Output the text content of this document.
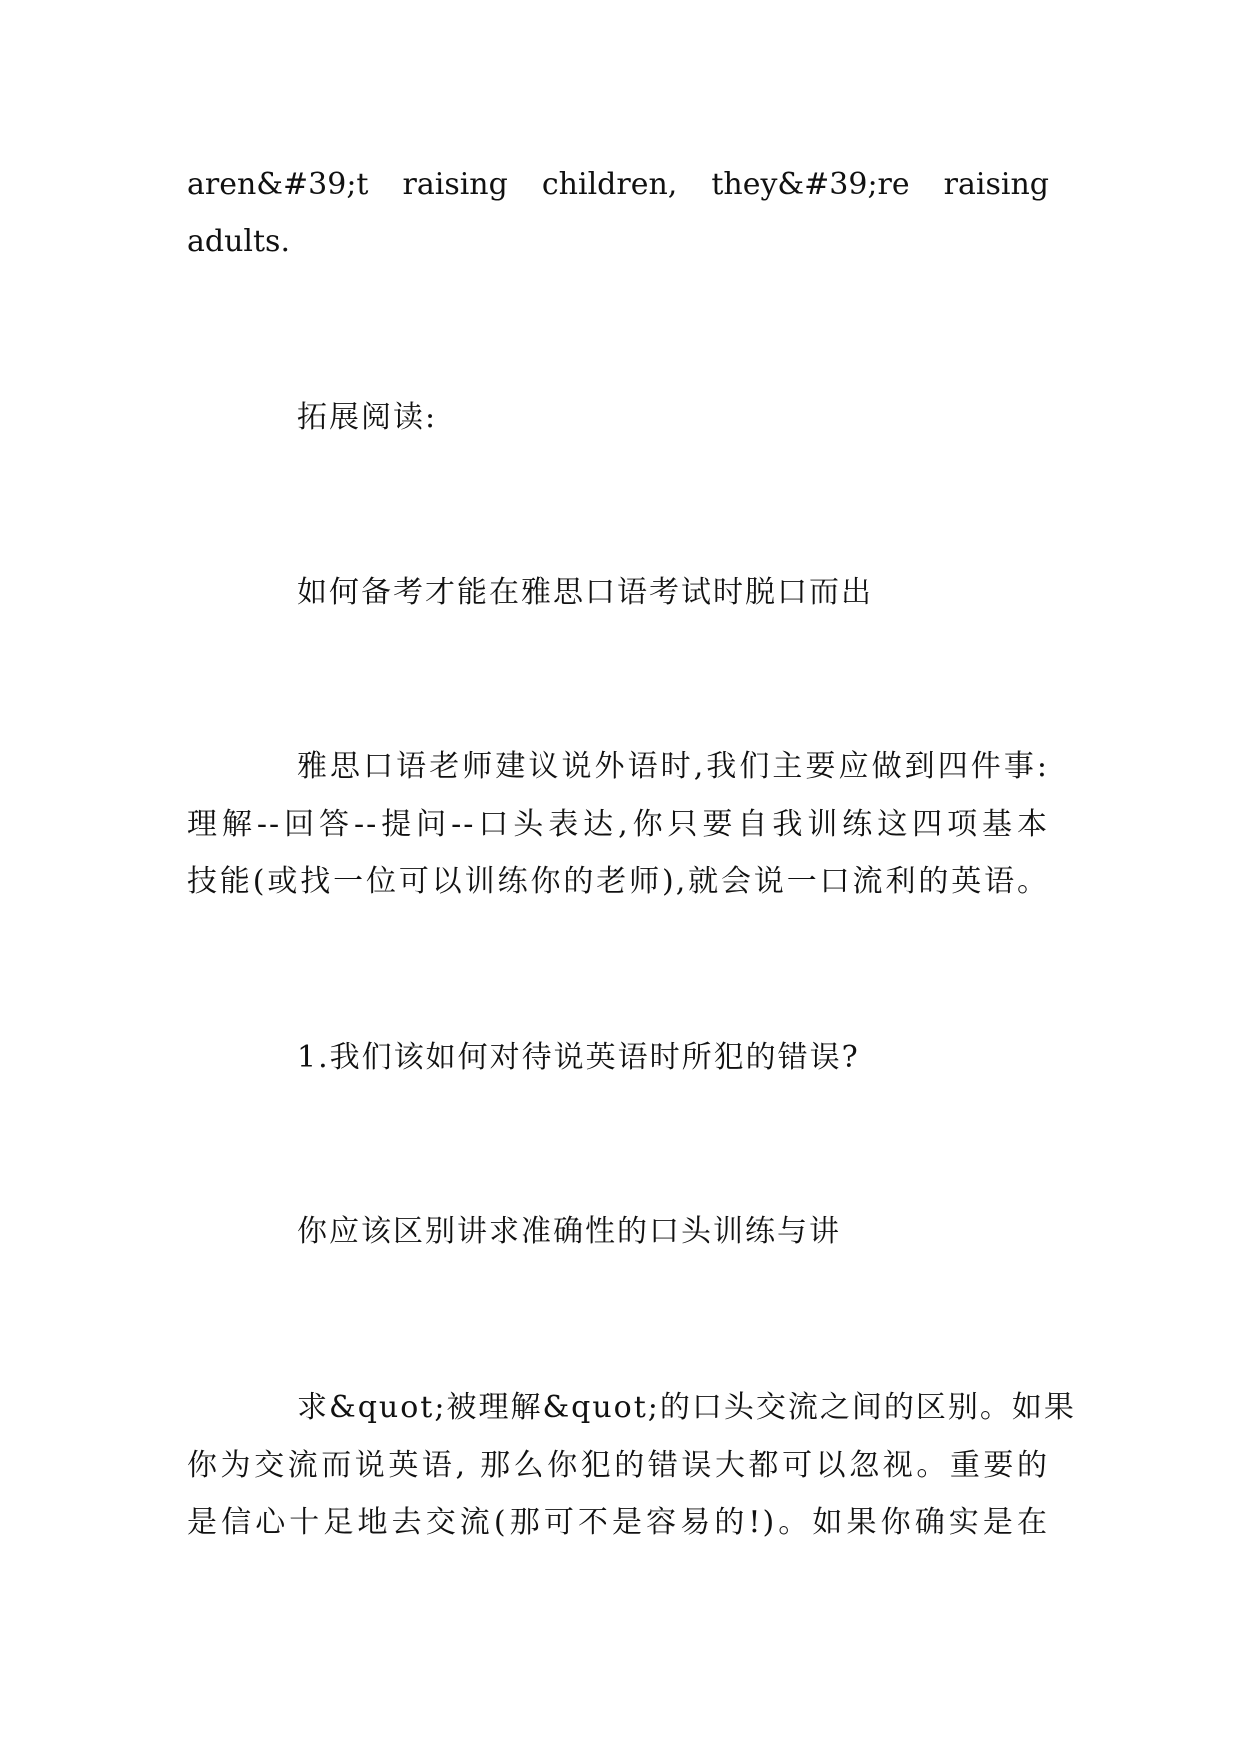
aren&#39;t raising children, they&#39;re raising
adults.
拓展阅读:
如何备考才能在雅思口语考试时脱口而出
雅思口语老师建议说外语时,我们主要应做到四件事:
理解--回答--提问--口头表达,你只要自我训练这四项基本
技能(或找一位可以训练你的老师),就会说一口流利的英语。
1.我们该如何对待说英语时所犯的错误?
你应该区别讲求准确性的口头训练与讲
求&quot;被理解&quot;的口头交流之间的区别。如果
你为交流而说英语, 那么你犯的错误大都可以忽视。重要的
是信心十足地去交流(那可不是容易的!)。如果你确实是在
